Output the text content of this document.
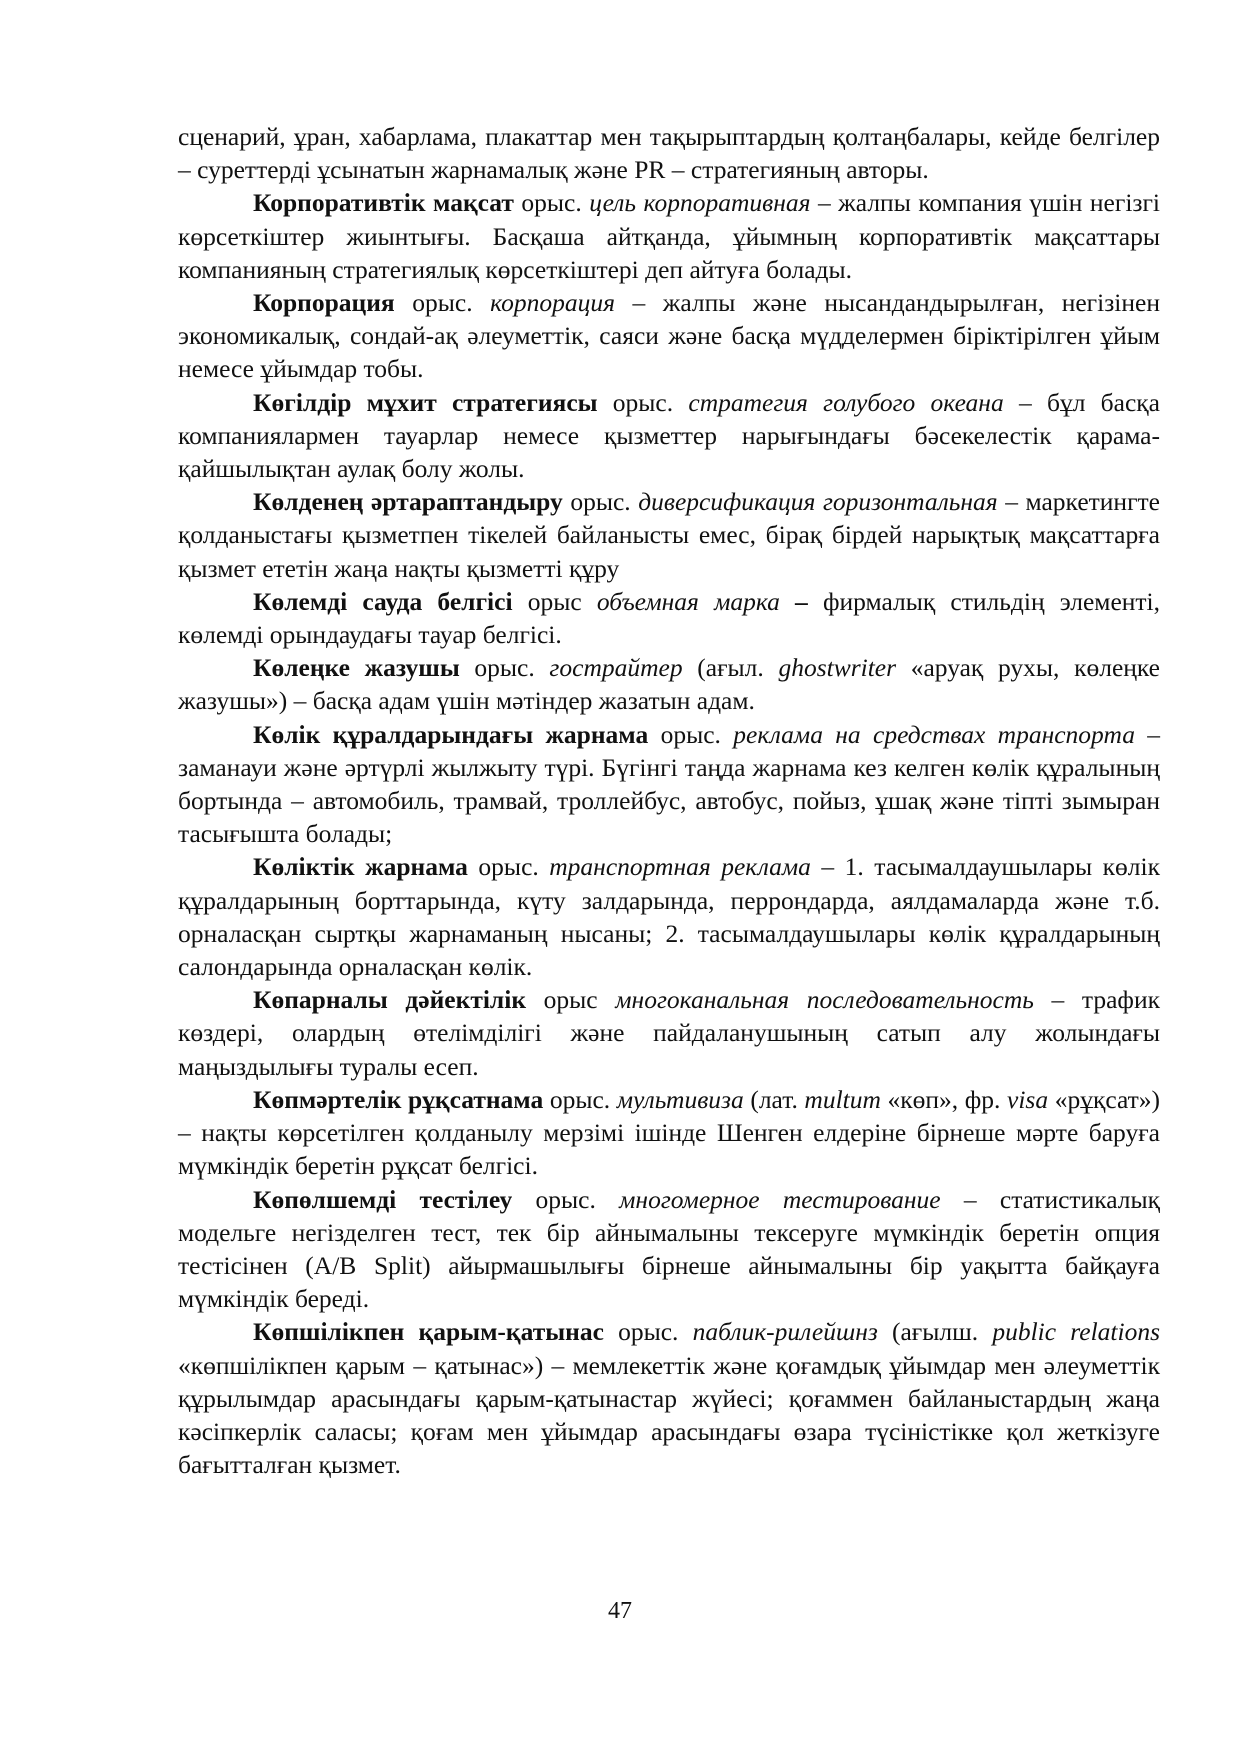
сценарий, ұран, хабарлама, плакаттар мен тақырыптардың қолтаңбалары, кейде белгілер – суреттерді ұсынатын жарнамалық және PR – стратегияның авторы.

Корпоративтік мақсат орыс. цель корпоративная – жалпы компания үшін негізгі көрсеткіштер жиынтығы. Басқаша айтқанда, ұйымның корпоративтік мақсаттары компанияның стратегиялық көрсеткіштері деп айтуға болады.

Корпорация орыс. корпорация – жалпы және нысандандырылған, негізінен экономикалық, сондай-ақ әлеуметтік, саяси және басқа мүдделермен біріктірілген ұйым немесе ұйымдар тобы.

Көгілдір мұхит стратегиясы орыс. стратегия голубого океана – бұл басқа компаниялармен тауарлар немесе қызметтер нарығындағы бәсекелестік қарама-қайшылықтан аулақ болу жолы.

Көлденең әртараптандыру орыс. диверсификация горизонтальная – маркетингте қолданыстағы қызметпен тікелей байланысты емес, бірақ бірдей нарықтық мақсаттарға қызмет ететін жаңа нақты қызметті құру

Көлемді сауда белгісі орыс объемная марка – фирмалық стильдің элементі, көлемді орындаудағы тауар белгісі.

Көлеңке жазушы орыс. гострайтер (ағыл. ghostwriter «аруақ рухы, көлеңке жазушы») – басқа адам үшін мәтіндер жазатын адам.

Көлік құралдарындағы жарнама орыс. реклама на средствах транспорта – заманауи және әртүрлі жылжыту түрі. Бүгінгі таңда жарнама кез келген көлік құралының бортында – автомобиль, трамвай, троллейбус, автобус, пойыз, ұшақ және тіпті зымыран тасығышта болады;

Көліктік жарнама орыс. транспортная реклама – 1. тасымалдаушылары көлік құралдарының борттарында, күту залдарында, перрондарда, аялдамаларда және т.б. орналасқан сыртқы жарнаманың нысаны; 2. тасымалдаушылары көлік құралдарының салондарында орналасқан көлік.

Көпарналы дәйектілік орыс многоканальная последовательность – трафик көздері, олардың өтелімділігі және пайдаланушының сатып алу жолындағы маңыздылығы туралы есеп.

Көпмәртелік рұқсатнама орыс. мультивиза (лат. multum «көп», фр. visa «рұқсат») – нақты көрсетілген қолданылу мерзімі ішінде Шенген елдеріне бірнеше мәрте баруға мүмкіндік беретін рұқсат белгісі.

Көпөлшемді тестілеу орыс. многомерное тестирование – статистикалық модельге негізделген тест, тек бір айнымалыны тексеруге мүмкіндік беретін опция тестісінен (A/B Split) айырмашылығы бірнеше айнымалыны бір уақытта байқауға мүмкіндік береді.

Көпшілікпен қарым-қатынас орыс. паблик-рилейшнз (ағылш. public relations «көпшілікпен қарым – қатынас») – мемлекеттік және қоғамдық ұйымдар мен әлеуметтік құрылымдар арасындағы қарым-қатынастар жүйесі; қоғаммен байланыстардың жаңа кәсіпкерлік саласы; қоғам мен ұйымдар арасындағы өзара түсіністікке қол жеткізуге бағытталған қызмет.

47
